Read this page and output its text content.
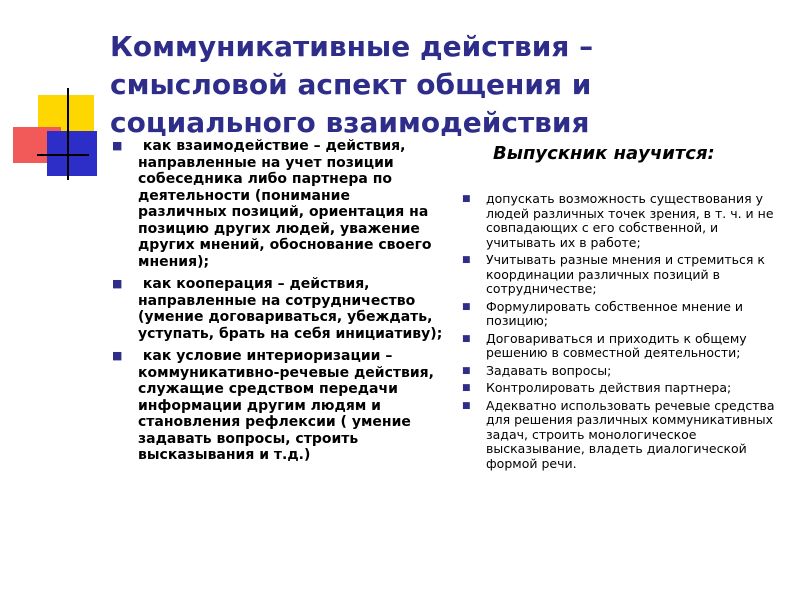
Коммуникативные действия – смысловой аспект общения и социального взаимодействия
■ как взаимодействие – действия, направленные на учет позиции собеседника либо партнера по деятельности (понимание различных позиций, ориентация на позицию других людей, уважение других мнений, обоснование своего мнения);
■ как кооперация – действия, направленные на сотрудничество (умение договариваться, убеждать, уступать, брать на себя инициативу);
■ как условие интериоризации – коммуникативно-речевые действия, служащие средством передачи информации другим людям и становления рефлексии ( умение задавать вопросы, строить высказывания и т.д.)
Выпускник научится:
■ допускать возможность существования у людей различных точек зрения, в т. ч. и не совпадающих с его собственной, и учитывать их в работе;
■ Учитывать разные мнения и стремиться к координации различных позиций в сотрудничестве;
■ Формулировать собственное мнение и позицию;
■ Договариваться и приходить к общему решению в совместной деятельности;
■ Задавать вопросы;
■ Контролировать действия партнера;
■ Адекватно использовать речевые средства для решения различных коммуникативных задач, строить монологическое высказывание, владеть диалогической формой речи.
